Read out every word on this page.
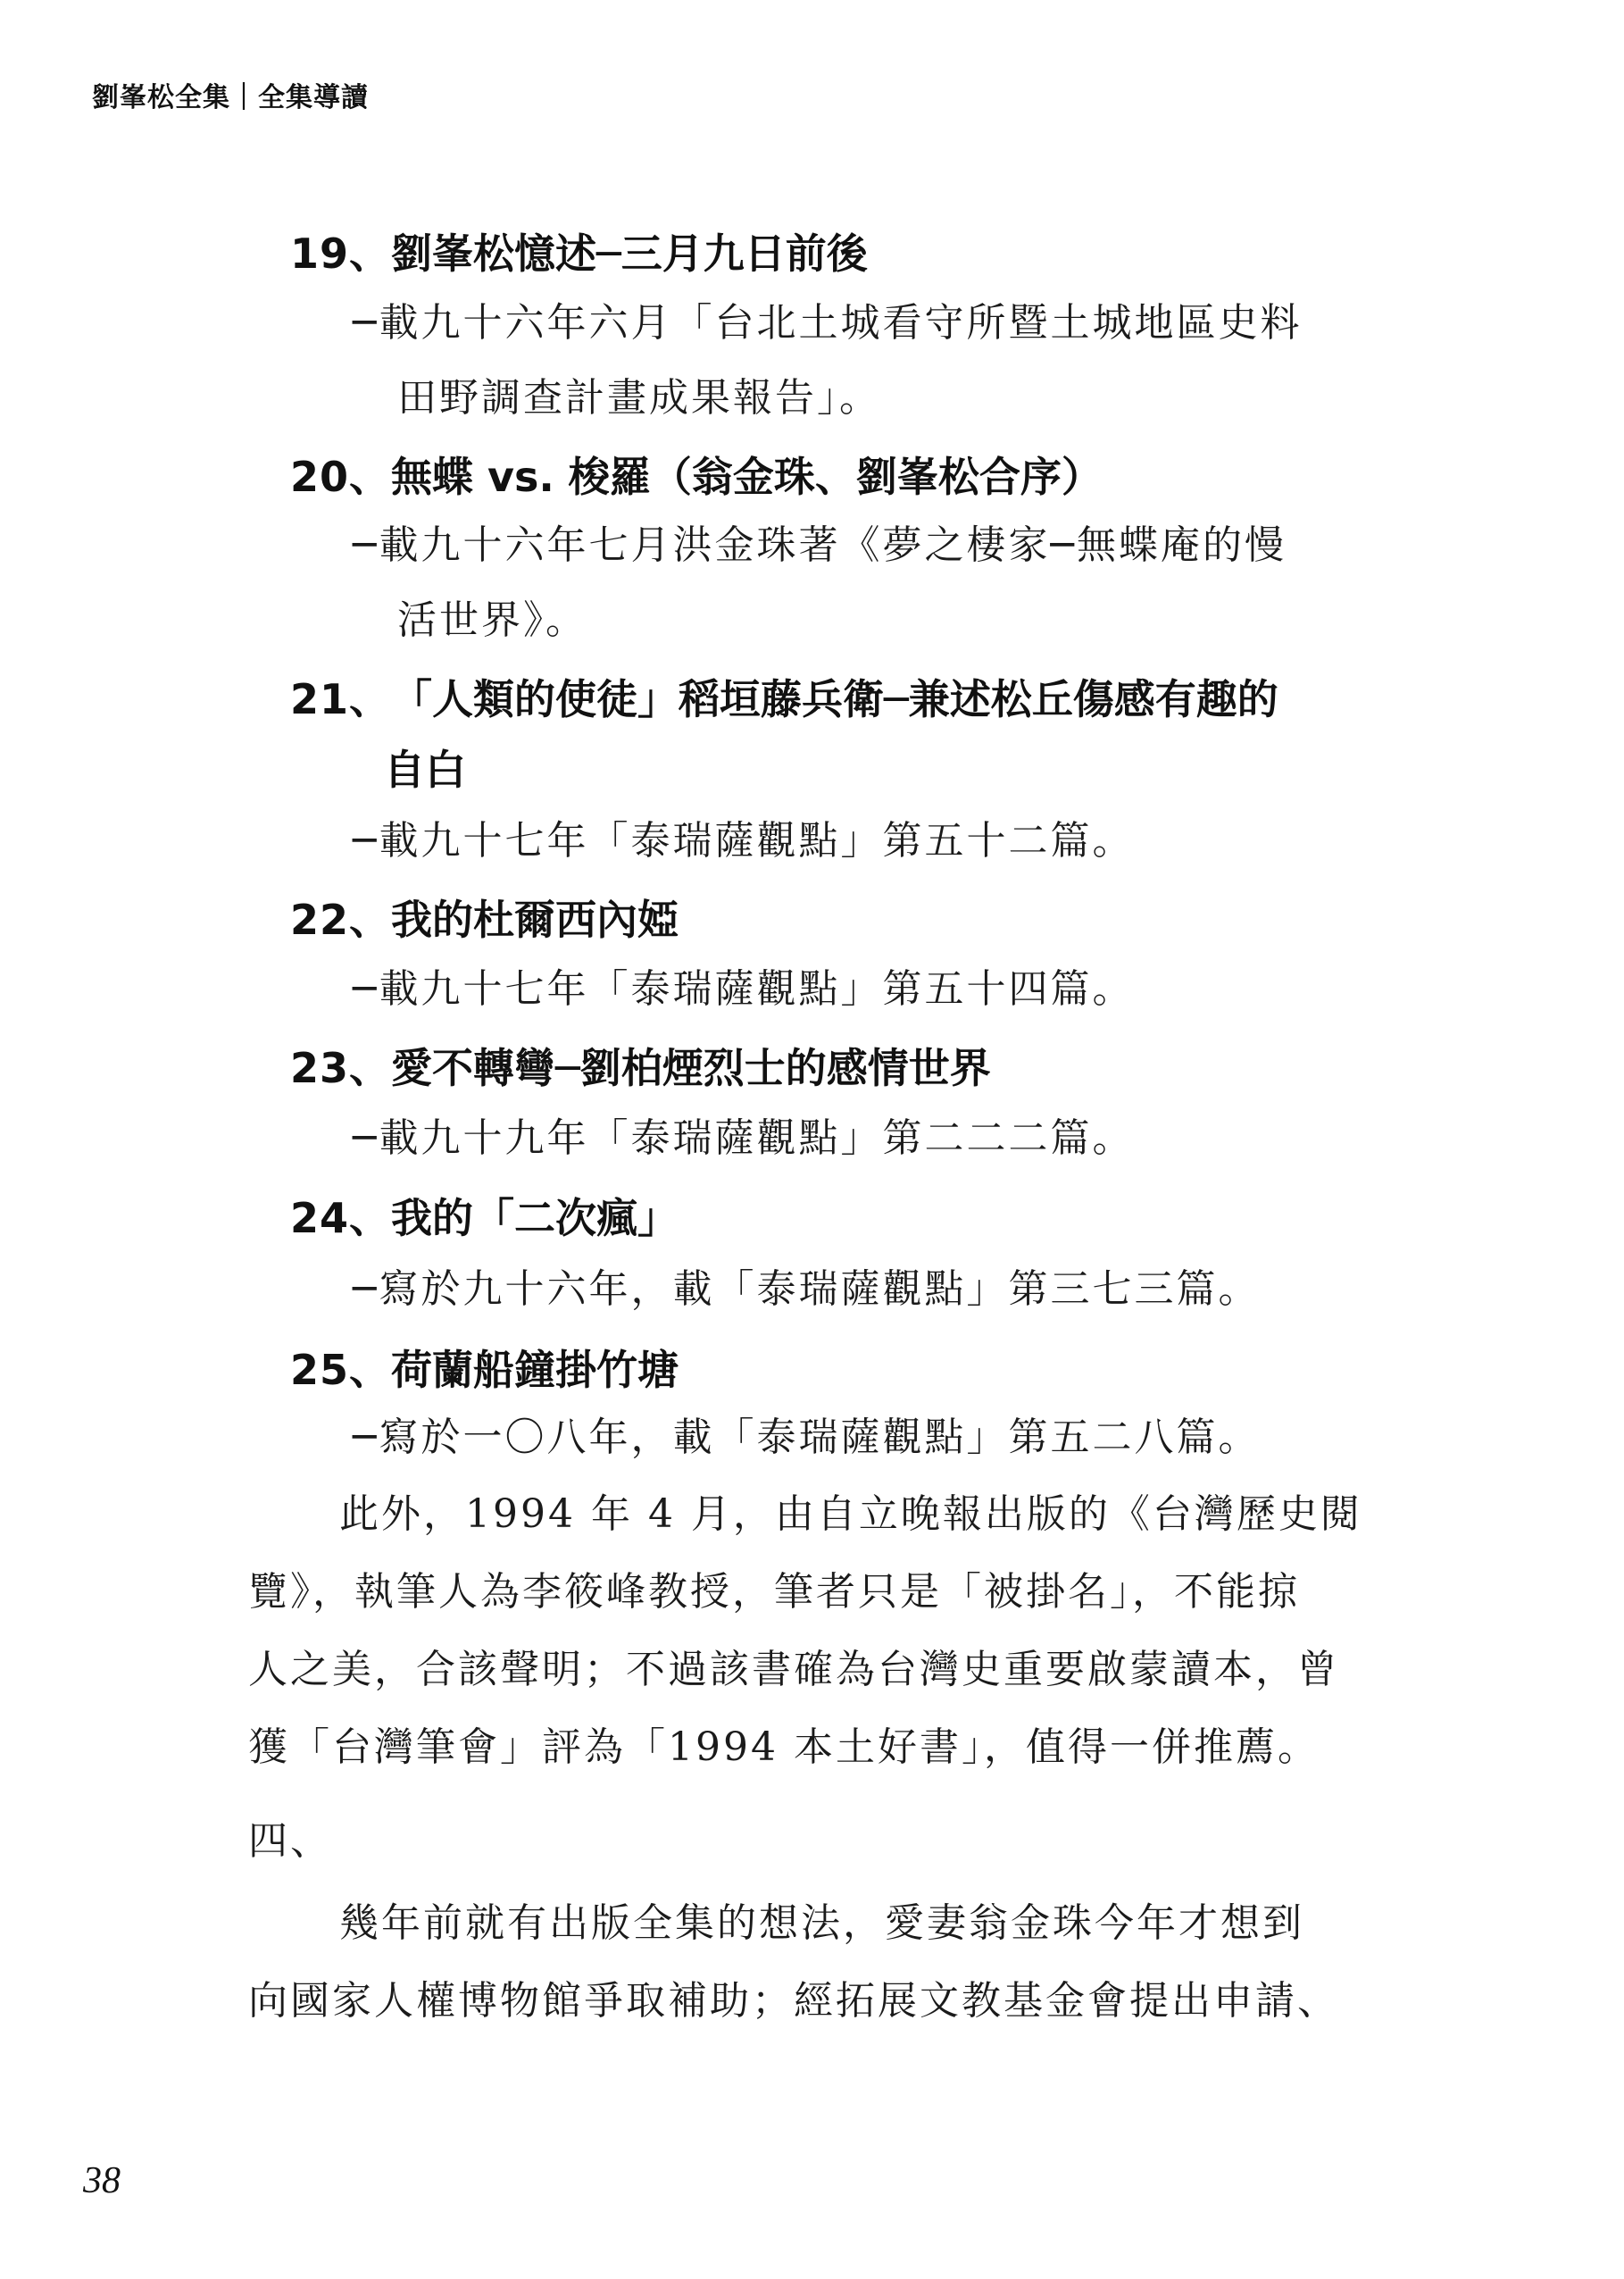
劉峯松全集｜全集導讀
19、劉峯松憶述─三月九日前後
─載九十六年六月「台北土城看守所暨土城地區史料
田野調查計畫成果報告」。
20、無蝶 vs. 梭羅（翁金珠、劉峯松合序）
─載九十六年七月洪金珠著《夢之棲家─無蝶庵的慢
活世界》。
21、「人類的使徒」稻垣藤兵衛─兼述松丘傷感有趣的
自白
─載九十七年「泰瑞薩觀點」第五十二篇。
22、我的杜爾西內婭
─載九十七年「泰瑞薩觀點」第五十四篇。
23、愛不轉彎─劉柏煙烈士的感情世界
─載九十九年「泰瑞薩觀點」第二二二篇。
24、我的「二次瘋」
─寫於九十六年，載「泰瑞薩觀點」第三七三篇。
25、荷蘭船鐘掛竹塘
─寫於一〇八年，載「泰瑞薩觀點」第五二八篇。
此外，1994 年 4 月，由自立晚報出版的《台灣歷史閱
覽》，執筆人為李筱峰教授，筆者只是「被掛名」，不能掠
人之美，合該聲明；不過該書確為台灣史重要啟蒙讀本，曾
獲「台灣筆會」評為「1994 本土好書」，值得一併推薦。
四、
幾年前就有出版全集的想法，愛妻翁金珠今年才想到
向國家人權博物館爭取補助；經拓展文教基金會提出申請、
38
